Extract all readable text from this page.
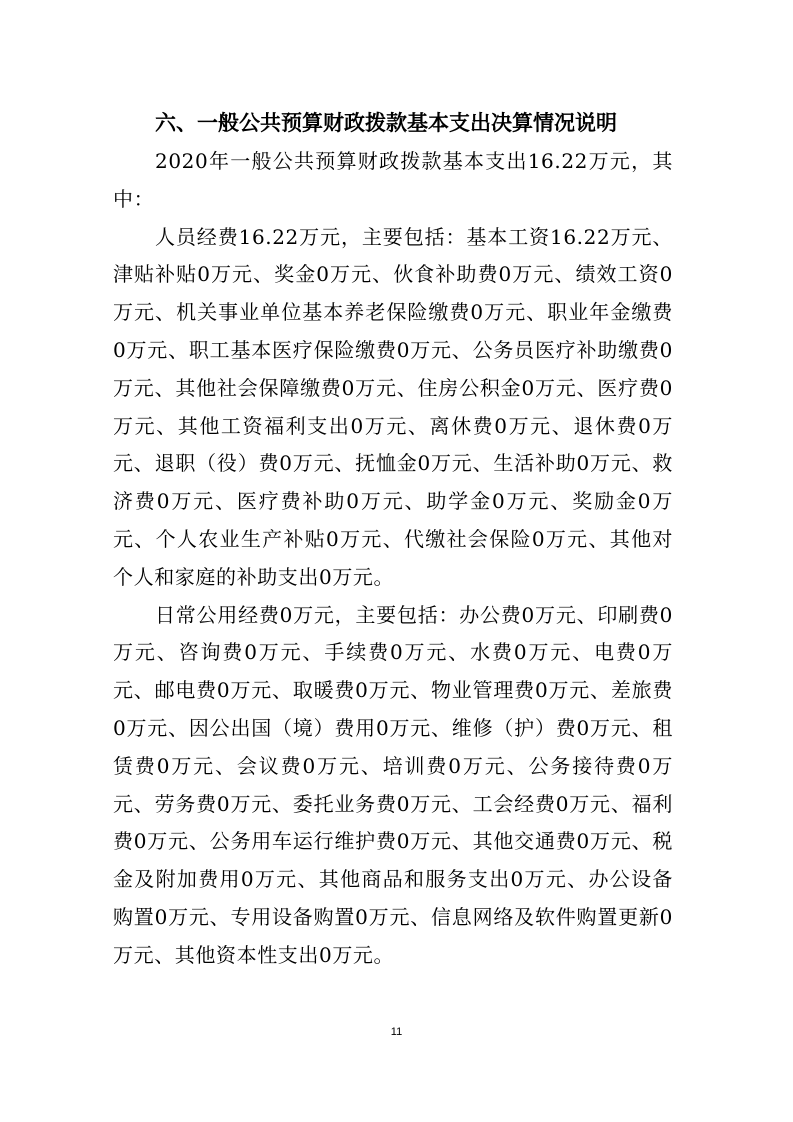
六、一般公共预算财政拨款基本支出决算情况说明

2020年一般公共预算财政拨款基本支出16.22万元，其中：

人员经费16.22万元，主要包括：基本工资16.22万元、津贴补贴0万元、奖金0万元、伙食补助费0万元、绩效工资0万元、机关事业单位基本养老保险缴费0万元、职业年金缴费0万元、职工基本医疗保险缴费0万元、公务员医疗补助缴费0万元、其他社会保障缴费0万元、住房公积金0万元、医疗费0万元、其他工资福利支出0万元、离休费0万元、退休费0万元、退职（役）费0万元、抚恤金0万元、生活补助0万元、救济费0万元、医疗费补助0万元、助学金0万元、奖励金0万元、个人农业生产补贴0万元、代缴社会保险0万元、其他对个人和家庭的补助支出0万元。

日常公用经费0万元，主要包括：办公费0万元、印刷费0万元、咨询费0万元、手续费0万元、水费0万元、电费0万元、邮电费0万元、取暖费0万元、物业管理费0万元、差旅费0万元、因公出国（境）费用0万元、维修（护）费0万元、租赁费0万元、会议费0万元、培训费0万元、公务接待费0万元、劳务费0万元、委托业务费0万元、工会经费0万元、福利费0万元、公务用车运行维护费0万元、其他交通费0万元、税金及附加费用0万元、其他商品和服务支出0万元、办公设备购置0万元、专用设备购置0万元、信息网络及软件购置更新0万元、其他资本性支出0万元。

11
